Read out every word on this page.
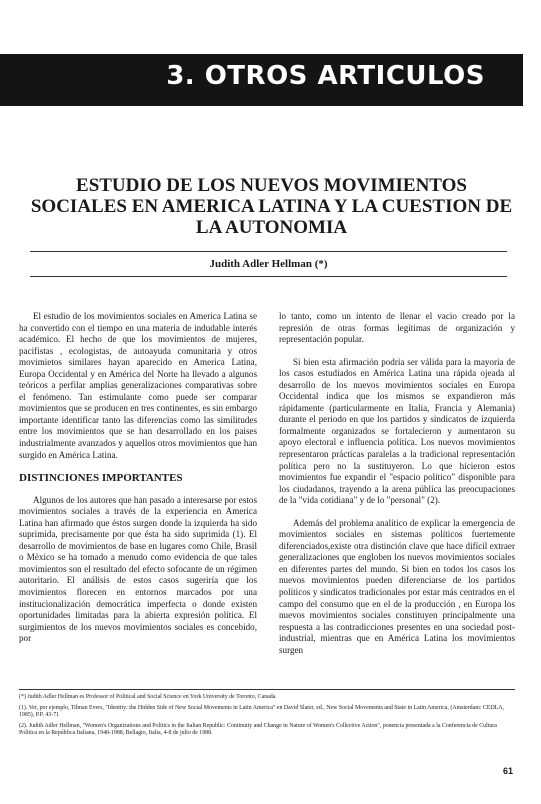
3. OTROS ARTICULOS
ESTUDIO DE LOS NUEVOS MOVIMIENTOS SOCIALES EN AMERICA LATINA Y LA CUESTION DE LA AUTONOMIA
Judith Adler Hellman (*)

El estudio de los movimientos sociales en America Latina se ha convertido con el tiempo en una materia de indudable interés académico. El hecho de que los movimientos de mujeres, pacifistas , ecologistas, de autoayuda comunitaria y otros movimietos similares hayan aparecido en America Latina, Europa Occidental y en América del Norte ha llevado a algunos teóricos a perfilar amplias generalizaciones comparativas sobre el fenómeno. Tan estimulante como puede ser comparar movimientos que se producen en tres continentes, es sin embargo importante identificar tanto las diferencias como las similitudes entre los movimientos que se han desarrollado en los paises industrialmente avanzados y aquellos otros movimientos que han surgido en América Latina.

DISTINCIONES IMPORTANTES

Algunos de los autores que han pasado a interesarse por estos movimientos sociales a través de la experiencia en America Latina han afirmado que éstos surgen donde la izquierda ha sido suprimida, precisamente por que ésta ha sido suprimida (1). El desarrollo de movimientos de base en lugares como Chile, Brasil o Mèxico se ha tomado a menudo como evidencia de que tales movimientos son el resultado del efecto sofocante de un régimen autoritario. El análisis de estos casos sugeriría que los movimientos florecen en entornos marcados por una institucionalización democrática imperfecta o donde existen oportunidades limitadas para la abierta expresión política. El surgimientos de los nuevos movimientos sociales es concebido, por

lo tanto, como un intento de llenar el vacio creado por la represión de otras formas legítimas de organización y representación popular.

Si bien esta afirmación podría ser válida para la mayoría de los casos estudiados en América Latina una rápida ojeada al desarrollo de los nuevos movimientos sociales en Europa Occidental indica que los mismos se expandieron más rápidamente (particularmente en Italia, Francia y Alemania) durante el periodo en que los partidos y sindicatos de izquierda formalmente organizados se fortalecieron y aumentaron su apoyo electoral e influencia política. Los nuevos movimientos representaron prácticas paralelas a la tradicional representación política pero no la sustituyeron. Lo que hicieron estos movimientos fue expandir el "espacio político" disponible para los ciudadanos, trayendo a la arena pública las preocupaciones de la "vida cotidiana" y de lo "personal" (2).

Además del problema analítico de explicar la emergencia de movimientos sociales en sistemas políticos fuertemente diferenciados,existe otra distinción clave que hace difícil extraer generalizaciones que engloben los nuevos movimientos sociales en diferentes partes del mundo. Si bien en todos los casos los nuevos movimientos pueden diferenciarse de los partidos políticos y sindicatos tradicionales por estar más centrados en el campo del consumo que en el de la producción , en Europa los nuevos movimientos sociales constituyen principalmente una respuesta a las contradicciones presentes en una sociedad post-industrial, mientras que en América Latina los movimientos surgen

(*) Judith Adler Hellman es Professor of Political and Social Science en York University de Toronto, Canada.

(1). Ver, por ejemplo, Tilman Evers, "Identity: the Hidden Side of New Social Movements in Latin America" en David Slater, ed., New Social Movements and State in Latin America, (Amsterdam: CEDLA, 1985), P.P. 43-71

(2). Judith Adler Hellman, "Women's Organizations and Politics in the Italian Republic: Continuity and Change in Nature of Women's Collective Action", ponencia presentada a la Conferencia de Cultura Política en la República Italiana, 1948-1988, Bellagio, Italia, 4-8 de julio de 1988.

61
